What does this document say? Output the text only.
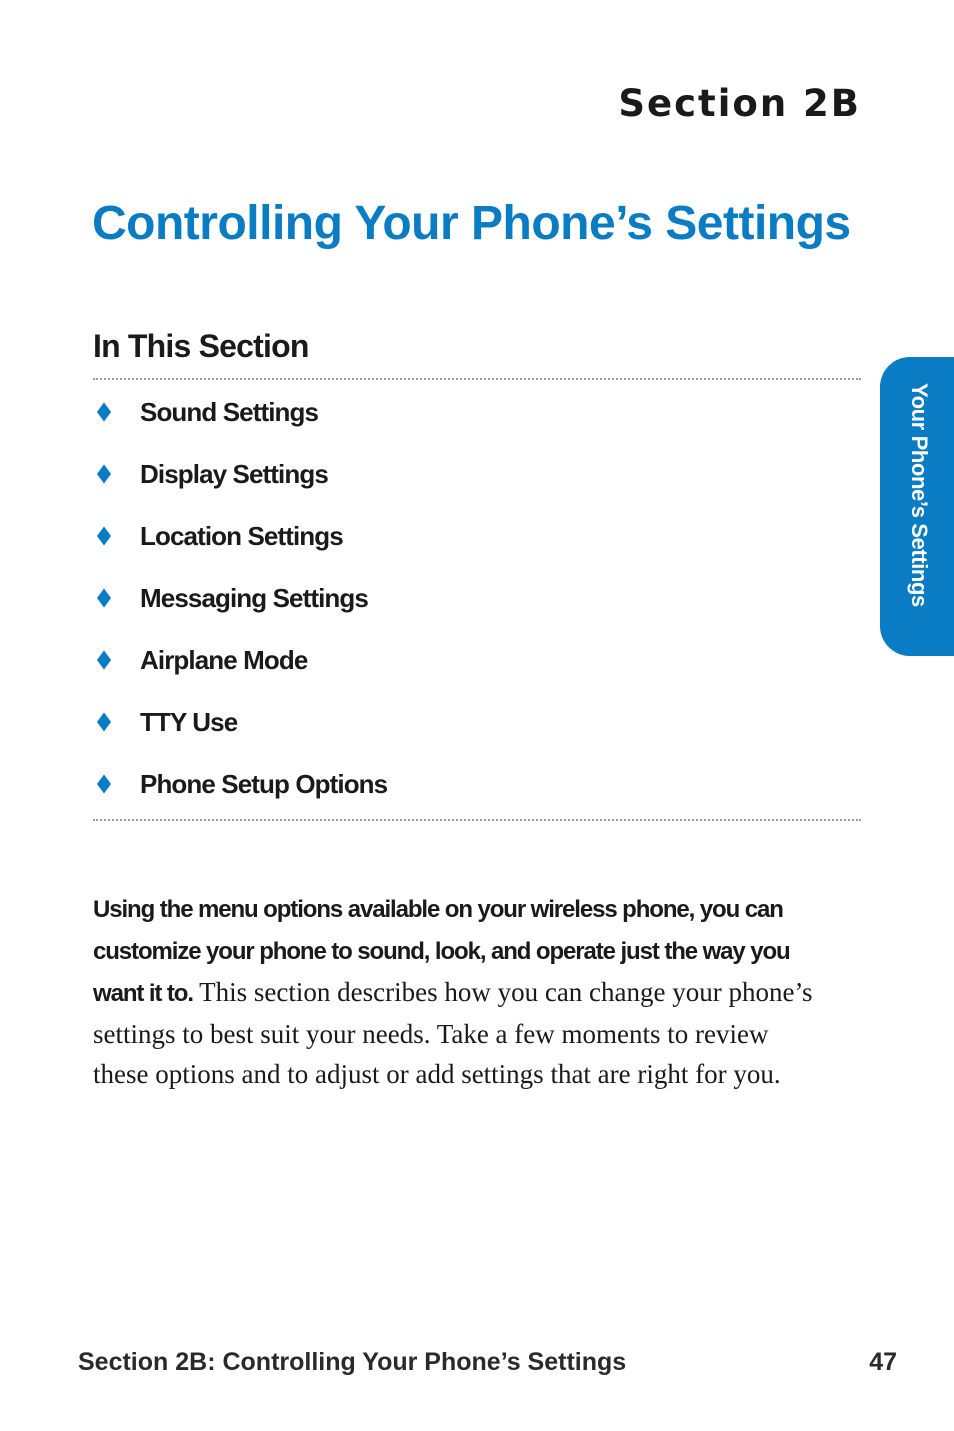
Section 2B
Controlling Your Phone’s Settings
In This Section
Sound Settings
Display Settings
Location Settings
Messaging Settings
Airplane Mode
TTY Use
Phone Setup Options

Using the menu options available on your wireless phone, you can customize your phone to sound, look, and operate just the way you want it to. This section describes how you can change your phone’s settings to best suit your needs. Take a few moments to review these options and to adjust or add settings that are right for you.

Your Phone’s Settings
Section 2B: Controlling Your Phone’s Settings	47
